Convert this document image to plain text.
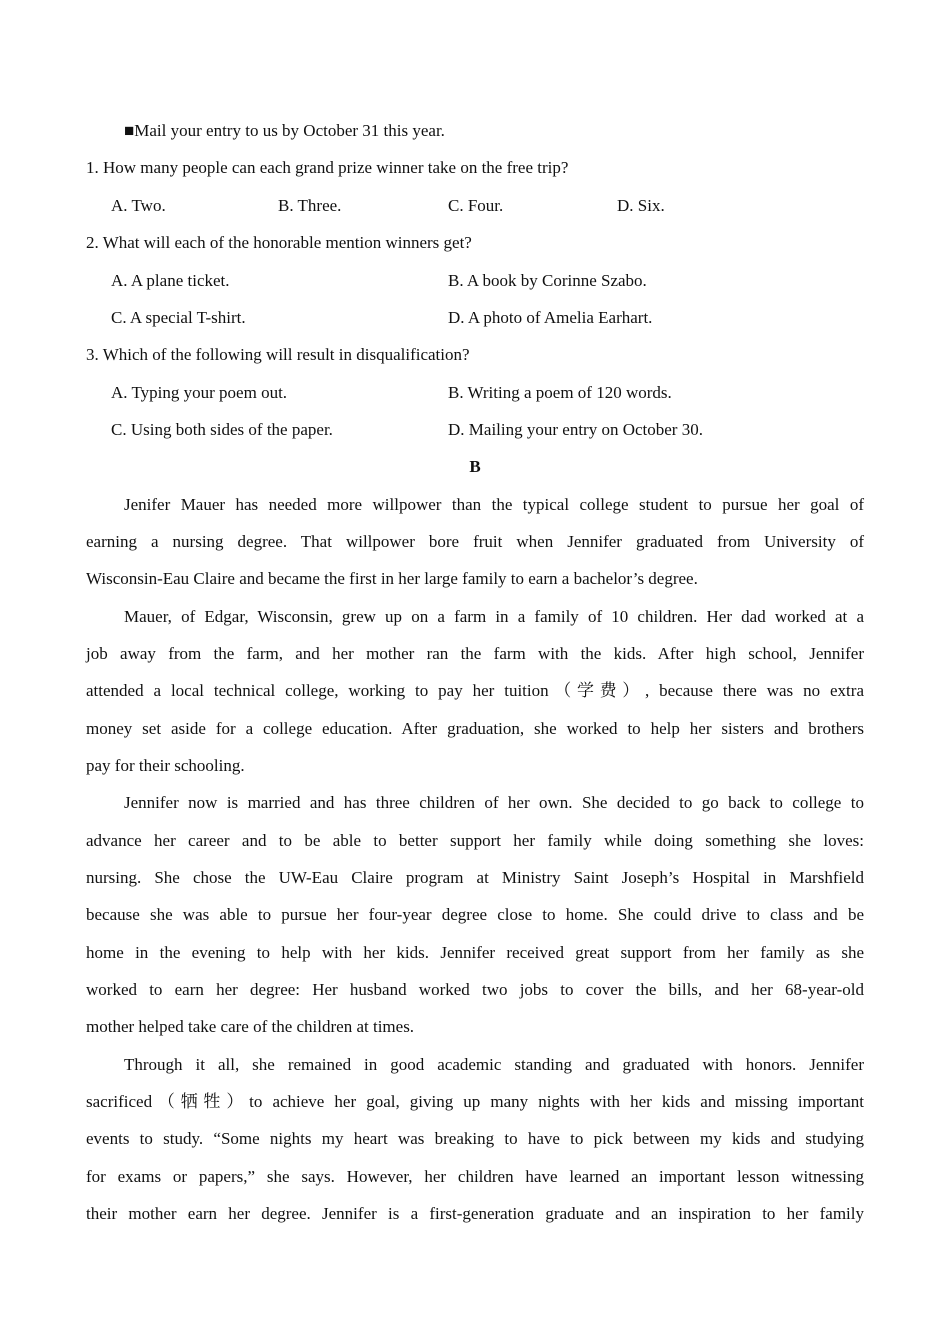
■Mail your entry to us by October 31 this year.
1. How many people can each grand prize winner take on the free trip?
A. Two.	B. Three.	C. Four.	D. Six.
2. What will each of the honorable mention winners get?
A. A plane ticket.	B. A book by Corinne Szabo.
C. A special T-shirt.	D. A photo of Amelia Earhart.
3. Which of the following will result in disqualification?
A. Typing your poem out.	B. Writing a poem of 120 words.
C. Using both sides of the paper.	D. Mailing your entry on October 30.
B
Jenifer Mauer has needed more willpower than the typical college student to pursue her goal of
earning a nursing degree. That willpower bore fruit when Jennifer graduated from University of
Wisconsin-Eau Claire and became the first in her large family to earn a bachelor’s degree.
Mauer, of Edgar, Wisconsin, grew up on a farm in a family of 10 children. Her dad worked at a
job away from the farm, and her mother ran the farm with the kids. After high school, Jennifer
attended a local technical college, working to pay her tuition（学费）, because there was no extra
money set aside for a college education. After graduation, she worked to help her sisters and brothers
pay for their schooling.
Jennifer now is married and has three children of her own. She decided to go back to college to
advance her career and to be able to better support her family while doing something she loves:
nursing. She chose the UW-Eau Claire program at Ministry Saint Joseph’s Hospital in Marshfield
because she was able to pursue her four-year degree close to home. She could drive to class and be
home in the evening to help with her kids. Jennifer received great support from her family as she
worked to earn her degree: Her husband worked two jobs to cover the bills, and her 68-year-old
mother helped take care of the children at times.
Through it all, she remained in good academic standing and graduated with honors. Jennifer
sacrificed（牺牲）to achieve her goal, giving up many nights with her kids and missing important
events to study. “Some nights my heart was breaking to have to pick between my kids and studying
for exams or papers,” she says. However, her children have learned an important lesson witnessing
their mother earn her degree. Jennifer is a first-generation graduate and an inspiration to her family
